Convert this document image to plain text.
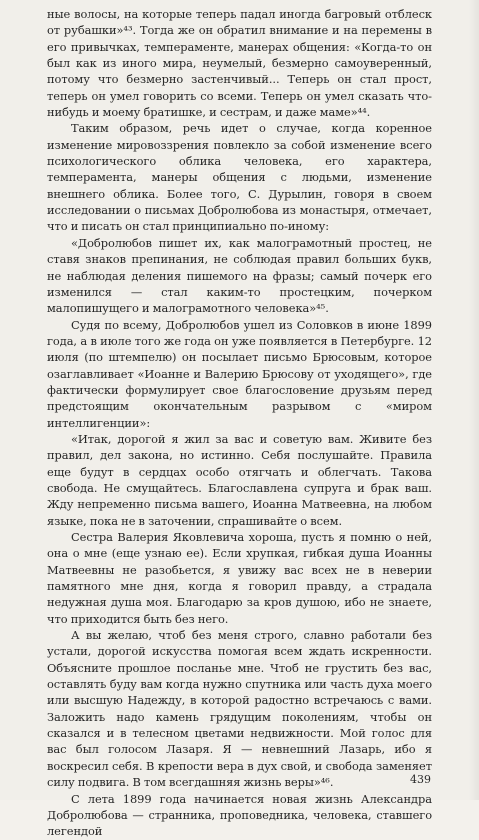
ные волосы, на которые теперь падал иногда багровый отблеск от рубашки»⁴³. Тогда же он обратил внимание и на перемены в его привычках, темпераменте, манерах общения: «Когда-то он был как из иного мира, неумелый, безмерно самоуверенный, потому что безмерно застенчивый... Теперь он стал прост, теперь он умел говорить со всеми. Теперь он умел сказать что-нибудь и моему братишке, и сестрам, и даже маме»⁴⁴.

Таким образом, речь идет о случае, когда коренное изменение мировоззрения повлекло за собой изменение всего психологического облика человека, его характера, темперамента, манеры общения с людьми, изменение внешнего облика. Более того, С. Дурылин, говоря в своем исследовании о письмах Добролюбова из монастыря, отмечает, что и писать он стал принципиально по-иному:

«Добролюбов пишет их, как малограмотный простец, не ставя знаков препинания, не соблюдая правил больших букв, не наблюдая деления пишемого на фразы; самый почерк его изменился — стал каким-то простецким, почерком малопишущего и малограмотного человека»⁴⁵.

Судя по всему, Добролюбов ушел из Соловков в июне 1899 года, а в июле того же года он уже появляется в Петербурге. 12 июля (по штемпелю) он посылает письмо Брюсовым, которое озаглавливает «Иоанне и Валерию Брюсову от уходящего», где фактически формулирует свое благословение друзьям перед предстоящим окончательным разрывом с «миром интеллигенции»:

«Итак, дорогой я жил за вас и советую вам. Живите без правил, дел закона, но истинно. Себя послушайте. Правила еще будут в сердцах особо отягчать и облегчать. Такова свобода. Не смущайтесь. Благославлена супруга и брак ваш. Жду непременно письма вашего, Иоанна Матвеевна, на любом языке, пока не в заточении, спрашивайте о всем.

Сестра Валерия Яковлевича хороша, пусть я помню о ней, она о мне (еще узнаю ее). Если хрупкая, гибкая душа Иоанны Матвеевны не разобьется, я увижу вас всех не в неверии памятного мне дня, когда я говорил правду, а страдала недужная душа моя. Благодарю за кров душою, ибо не знаете, что приходится быть без него.

А вы желаю, чтоб без меня строго, славно работали без устали, дорогой искусства помогая всем ждать искренности. Объясните прошлое посланье мне. Чтоб не грустить без вас, оставлять буду вам когда нужно спутника или часть духа моего или высшую Надежду, в которой радостно встречаюсь с вами. Заложить надо камень грядущим поколениям, чтобы он сказался и в телесном цветами недвижности. Мой голос для вас был голосом Лазаря. Я — невнешний Лазарь, ибо я воскресил себя. В крепости вера в дух свой, и свобода заменяет силу подвига. В том всегдашняя жизнь веры»⁴⁶.

С лета 1899 года начинается новая жизнь Александра Добролюбова — странника, проповедника, человека, ставшего легендой

439
